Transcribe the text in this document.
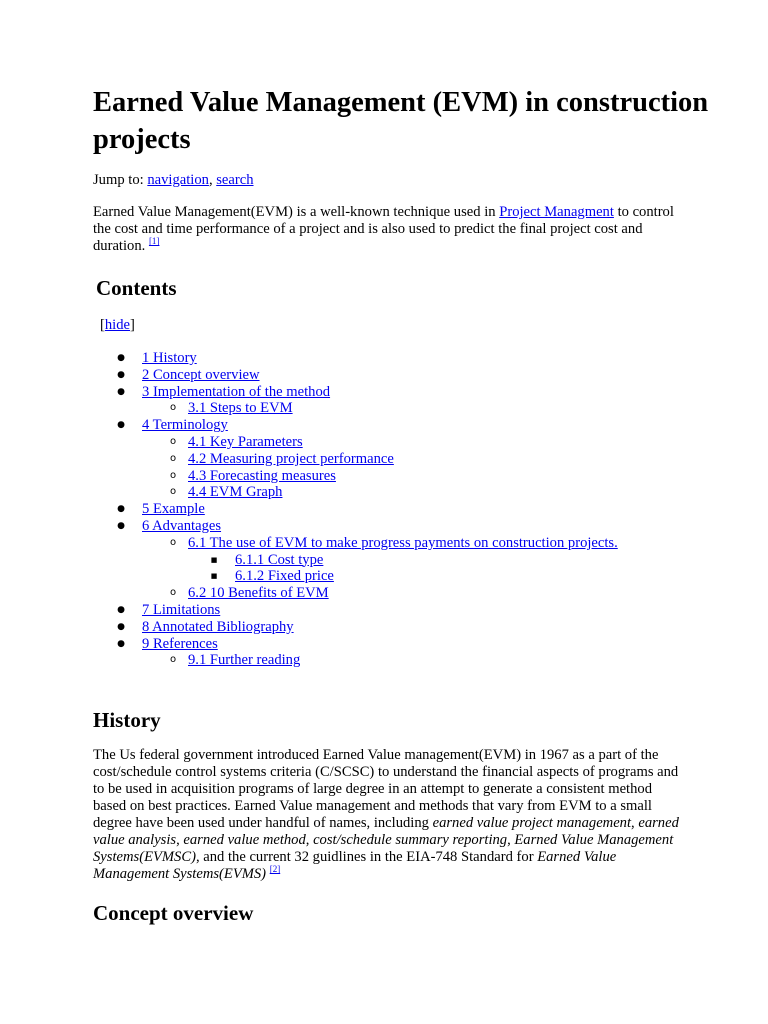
Earned Value Management (EVM) in construction projects

Jump to: navigation, search

Earned Value Management(EVM) is a well-known technique used in Project Managment to control the cost and time performance of a project and is also used to predict the final project cost and duration. [1]

Contents
[hide]
●	1 History
●	2 Concept overview
●	3 Implementation of the method
o 3.1 Steps to EVM
●	4 Terminology
o 4.1 Key Parameters
o 4.2 Measuring project performance
o 4.3 Forecasting measures
o 4.4 EVM Graph
●	5 Example
●	6 Advantages
o 6.1 The use of EVM to make progress payments on construction projects.
■	6.1.1 Cost type
■	6.1.2 Fixed price
o 6.2 10 Benefits of EVM
●	7 Limitations
●	8 Annotated Bibliography
●	9 References
o 9.1 Further reading
History

The Us federal government introduced Earned Value management(EVM) in 1967 as a part of the cost/schedule control systems criteria (C/SCSC) to understand the financial aspects of programs and to be used in acquisition programs of large degree in an attempt to generate a consistent method based on best practices. Earned Value management and methods that vary from EVM to a small degree have been used under handful of names, including earned value project management, earned value analysis, earned value method, cost/schedule summary reporting, Earned Value Management Systems(EVMSC), and the current 32 guidlines in the EIA-748 Standard for Earned Value Management Systems(EVMS) [2]

Concept overview
